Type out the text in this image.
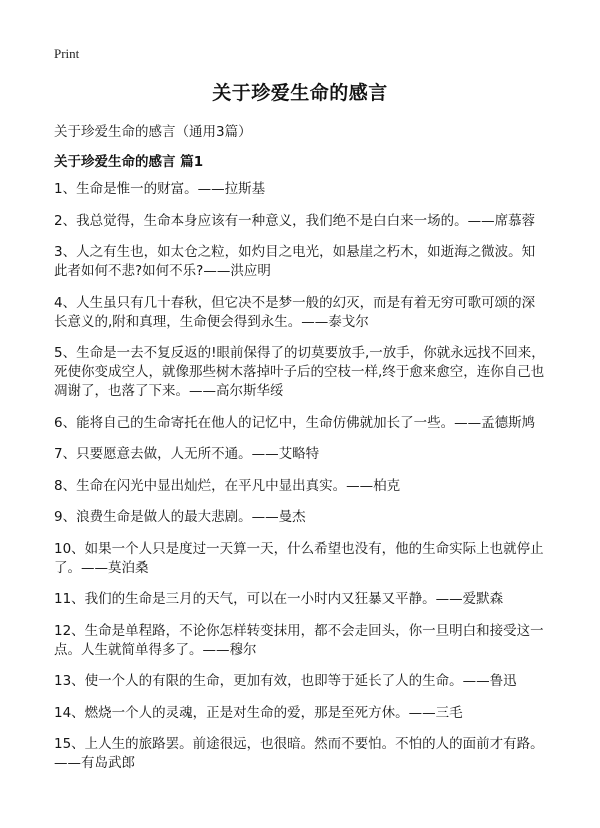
Print
关于珍爱生命的感言
关于珍爱生命的感言（通用3篇）
关于珍爱生命的感言 篇1
1、生命是惟一的财富。——拉斯基
2、我总觉得，生命本身应该有一种意义，我们绝不是白白来一场的。——席慕蓉
3、人之有生也，如太仓之粒，如灼目之电光，如悬崖之朽木，如逝海之微波。知此者如何不悲?如何不乐?——洪应明
4、人生虽只有几十春秋，但它决不是梦一般的幻灭，而是有着无穷可歌可颂的深长意义的,附和真理，生命便会得到永生。——泰戈尔
5、生命是一去不复反返的!眼前保得了的切莫要放手,一放手，你就永远找不回来，死使你变成空人，就像那些树木落掉叶子后的空枝一样,终于愈来愈空，连你自己也凋谢了，也落了下来。——高尔斯华绥
6、能将自己的生命寄托在他人的记忆中，生命仿佛就加长了一些。——孟德斯鸠
7、只要愿意去做，人无所不通。——艾略特
8、生命在闪光中显出灿烂，在平凡中显出真实。——柏克
9、浪费生命是做人的最大悲剧。——曼杰
10、如果一个人只是度过一天算一天，什么希望也没有，他的生命实际上也就停止了。——莫泊桑
11、我们的生命是三月的天气，可以在一小时内又狂暴又平静。——爱默森
12、生命是单程路，不论你怎样转变抹用，都不会走回头，你一旦明白和接受这一点。人生就简单得多了。——穆尔
13、使一个人的有限的生命，更加有效，也即等于延长了人的生命。——鲁迅
14、燃烧一个人的灵魂，正是对生命的爱，那是至死方休。——三毛
15、上人生的旅路罢。前途很远，也很暗。然而不要怕。不怕的人的面前才有路。——有岛武郎
